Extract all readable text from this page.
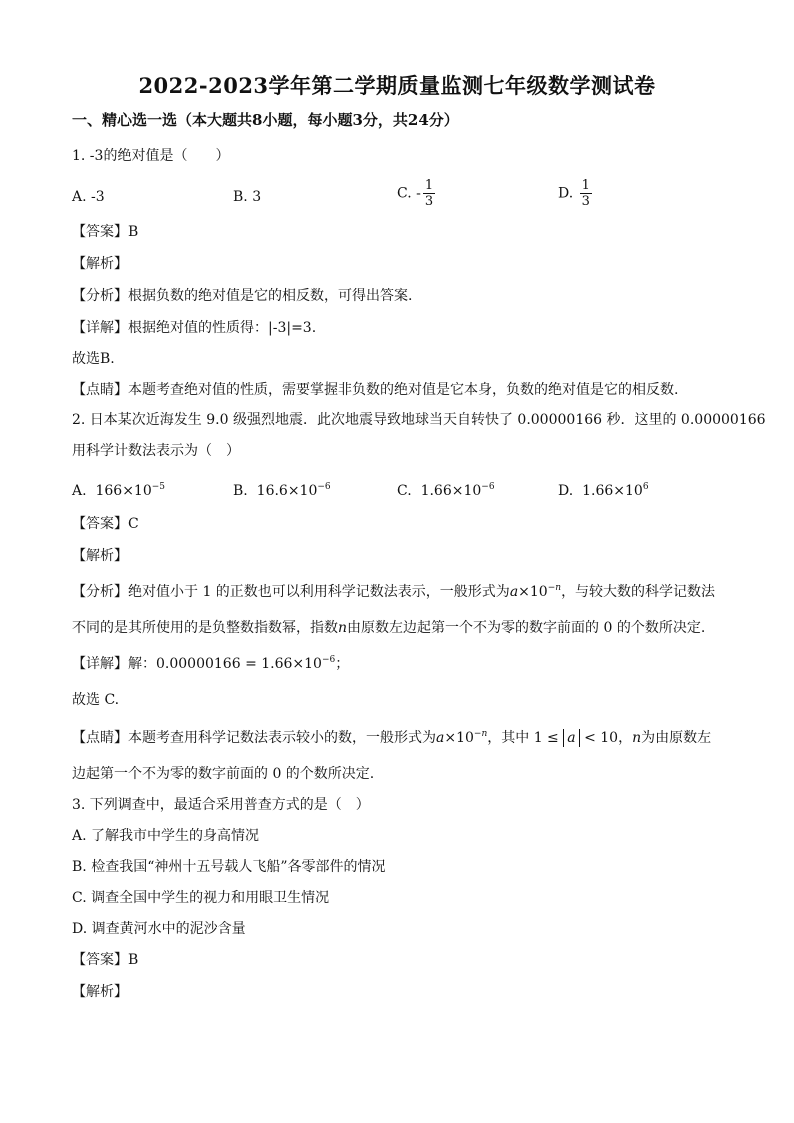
2022-2023学年第二学期质量监测七年级数学测试卷
一、精心选一选（本大题共8小题，每小题3分，共24分）
1. -3的绝对值是（　　）
A. -3	B. 3	C. - $\frac{1}{3}$	D. $\frac{1}{3}$
【答案】B
【解析】
【分析】根据负数的绝对值是它的相反数，可得出答案.
【详解】根据绝对值的性质得：|-3|=3.
故选B.
【点睛】本题考查绝对值的性质，需要掌握非负数的绝对值是它本身，负数的绝对值是它的相反数.
2. 日本某次近海发生 9.0 级强烈地震．此次地震导致地球当天自转快了 0.00000166 秒．这里的 0.00000166
用科学计数法表示为（　）
A. $166\times 10^{-5}$	B. $16.6\times 10^{-6}$	C. $1.66\times 10^{-6}$	D. $1.66\times 10^6$
【答案】C
【解析】
【分析】绝对值小于 1 的正数也可以利用科学记数法表示，一般形式为$a\times 10^{-n}$，与较大数的科学记数法
不同的是其所使用的是负整数指数幂，指数n由原数左边起第一个不为零的数字前面的 0 的个数所决定.
【详解】解：$0.00000166 = 1.66\times 10^{-6}$；
故选 C.
【点睛】本题考查用科学记数法表示较小的数，一般形式为$a\times 10^{-n}$，其中 1 ≤ a < 10，n为由原数左
边起第一个不为零的数字前面的 0 的个数所决定.
3. 下列调查中，最适合采用普查方式的是（　）
A. 了解我市中学生的身高情况
B. 检查我国“神州十五号载人飞船”各零部件的情况
C. 调查全国中学生的视力和用眼卫生情况
D. 调查黄河水中的泥沙含量
【答案】B
【解析】
